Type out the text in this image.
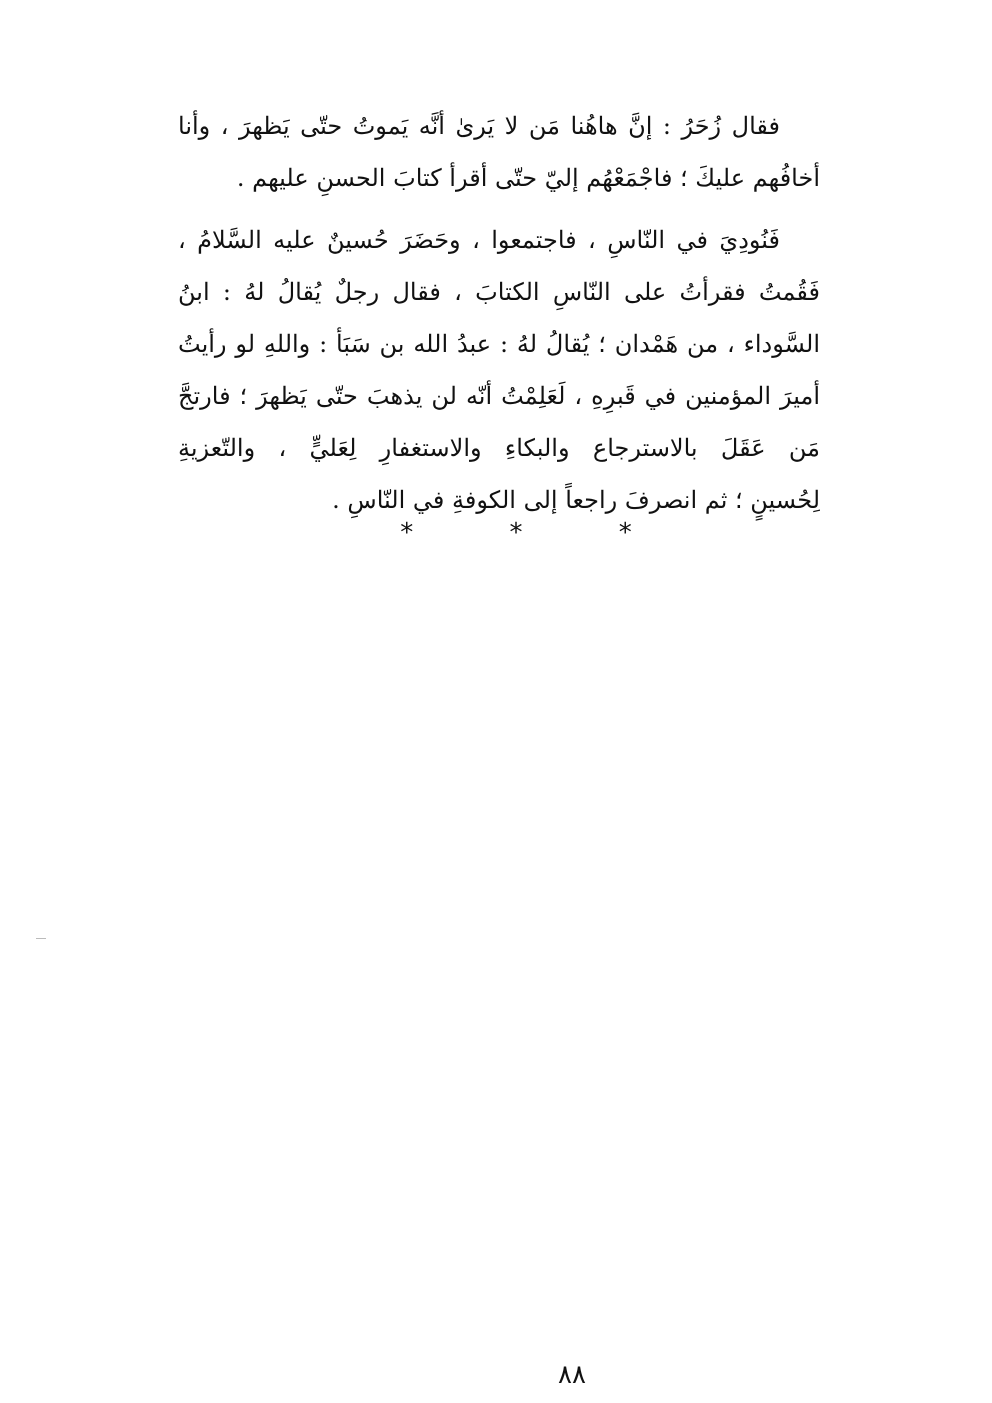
فقال زُحَرُ : إنَّ هاهُنا مَن لا يَرىٰ أنَّه يَموتُ حتّى يَظهرَ ، وأنا
أخافُهم عليكَ ؛ فاجْمَعْهُم إليّ حتّى أقرأ كتابَ الحسنِ عليهم .
فَنُودِيَ في النّاسِ ، فاجتمعوا ، وحَضَرَ حُسينٌ عليه السَّلامُ ،
فَقُمتُ فقرأتُ على النّاسِ الكتابَ ، فقال رجلٌ يُقالُ لهُ : ابنُ
السَّوداء ، من هَمْدان ؛ يُقالُ لهُ : عبدُ الله بن سَبَأ : واللهِ لو رأيتُ
أميرَ المؤمنين في قَبرِهِ ، لَعَلِمْتُ أنّه لن يذهبَ حتّى يَظهرَ ؛ فارتجَّ
مَن عَقَلَ بالاسترجاع والبكاءِ والاستغفارِ لِعَليٍّ ، والتّعزيةِ
لِحُسينٍ ؛ ثم انصرفَ راجعاً إلى الكوفةِ في النّاسِ .
*	*	*
٨٨
